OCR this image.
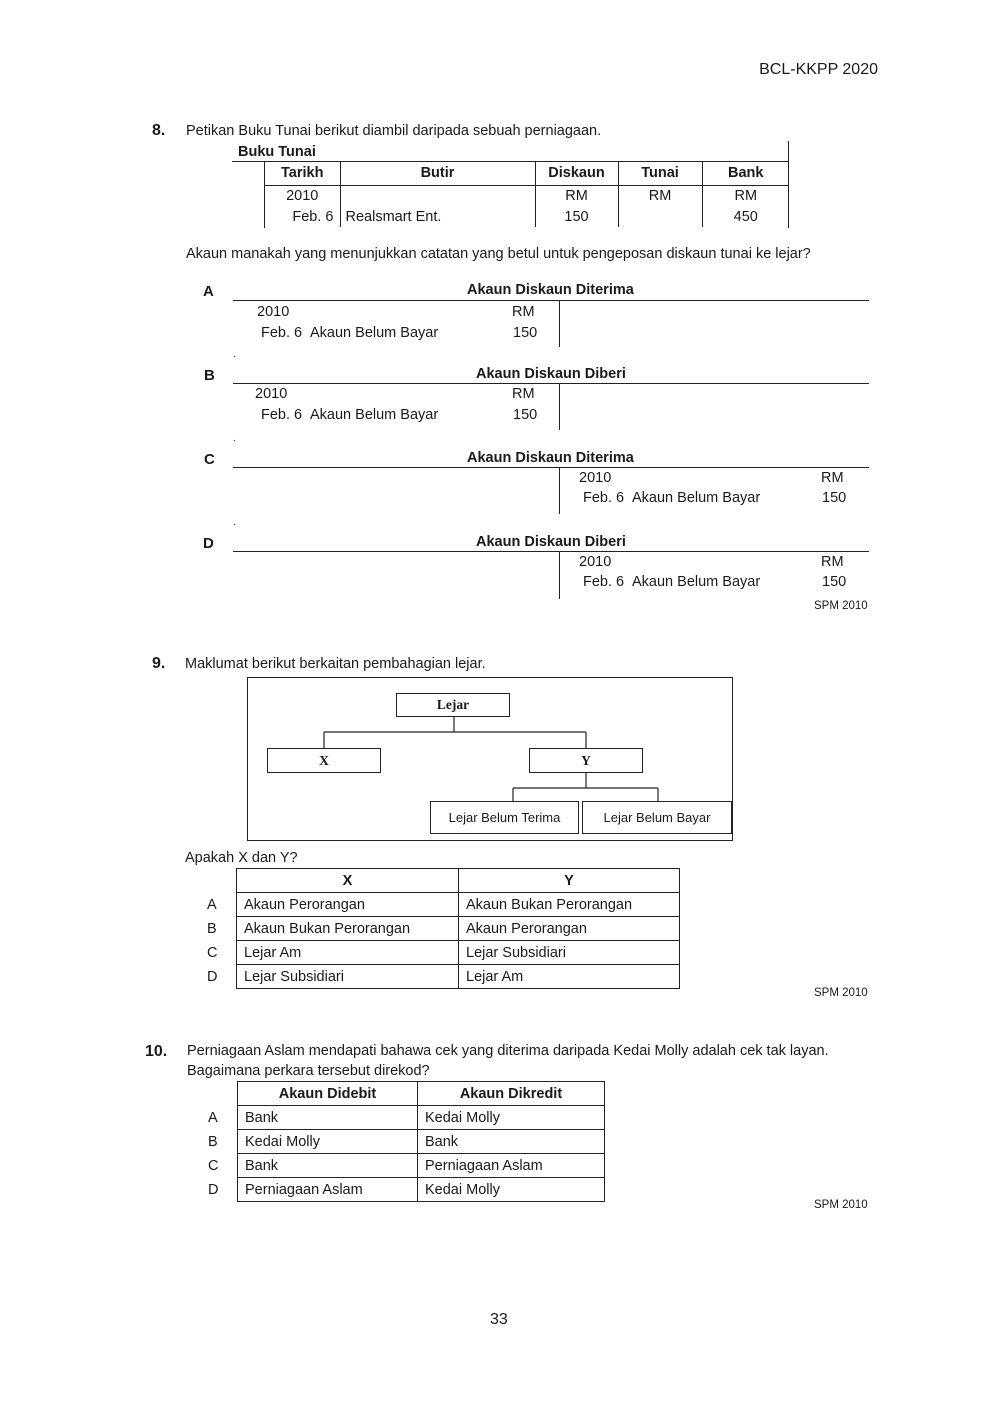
BCL-KKPP 2020
8. Petikan Buku Tunai berikut diambil daripada sebuah perniagaan.
Buku Tunai
Tarikh	Butir	Diskaun	Tunai	Bank
2010		RM	RM	RM
Feb. 6	Realsmart Ent.	150		450
Akaun manakah yang menunjukkan catatan yang betul untuk pengeposan diskaun tunai ke lejar?
A	Akaun Diskaun Diterima
2010	RM
Feb. 6 Akaun Belum Bayar	150
.
B	Akaun Diskaun Diberi
2010	RM
Feb. 6 Akaun Belum Bayar	150
.
C	Akaun Diskaun Diterima
2010	RM
Feb. 6 Akaun Belum Bayar	150
.
D	Akaun Diskaun Diberi
2010	RM
Feb. 6 Akaun Belum Bayar	150
SPM 2010
9. Maklumat berikut berkaitan pembahagian lejar.
Lejar
X	Y
Lejar Belum Terima	Lejar Belum Bayar
Apakah X dan Y?
	X	Y
A	Akaun Perorangan	Akaun Bukan Perorangan
B	Akaun Bukan Perorangan	Akaun Perorangan
C	Lejar Am	Lejar Subsidiari
D	Lejar Subsidiari	Lejar Am
SPM 2010
10. Perniagaan Aslam mendapati bahawa cek yang diterima daripada Kedai Molly adalah cek tak layan.
Bagaimana perkara tersebut direkod?
	Akaun Didebit	Akaun Dikredit
A	Bank	Kedai Molly
B	Kedai Molly	Bank
C	Bank	Perniagaan Aslam
D	Perniagaan Aslam	Kedai Molly
SPM 2010
33
